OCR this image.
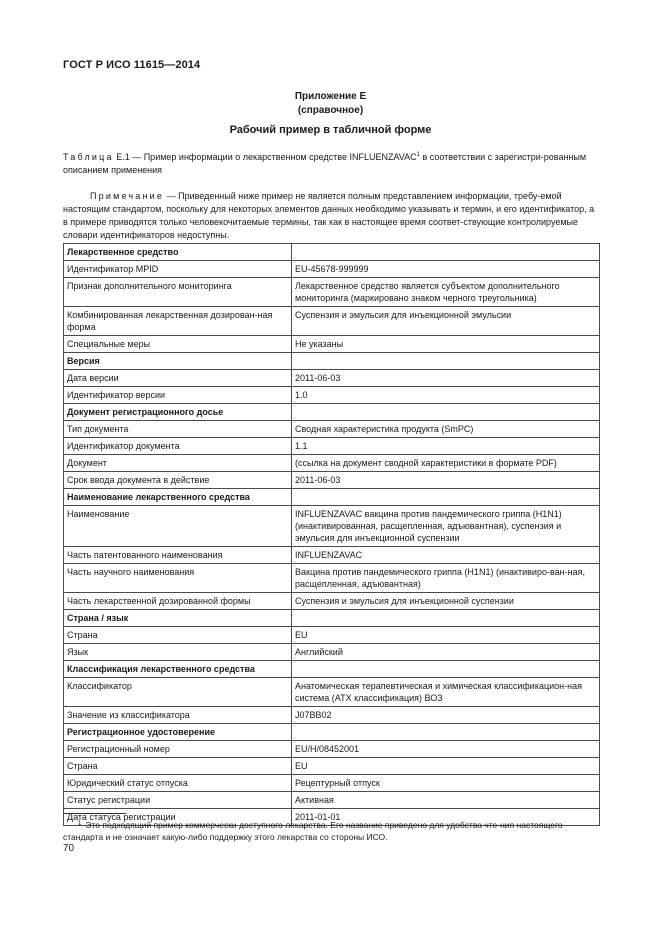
ГОСТ Р ИСО 11615—2014
Приложение Е
(справочное)
Рабочий пример в табличной форме
Таблица Е.1 — Пример информации о лекарственном средстве INFLUENZAVAC$^1$ в соответствии с зарегистри-рованным описанием применения
Примечание — Приведенный ниже пример не является полным представлением информации, требу-емой настоящим стандартом, поскольку для некоторых элементов данных необходимо указывать и термин, и его идентификатор, а в примере приводятся только человекочитаемые термины, так как в настоящее время соответ-ствующие контролируемые словари идентификаторов недоступны.
Лекарственное средство	
Идентификатор MPID	EU-45678-999999
Признак дополнительного мониторинга	Лекарственное средство является субъектом дополнительного мониторинга (маркировано знаком черного треугольника)
Комбинированная лекарственная дозирован-ная форма	Суспензия и эмульсия для инъекционной эмульсии
Специальные меры	Не указаны
Версия	
Дата версии	2011-06-03
Идентификатор версии	1.0
Документ регистрационного досье	
Тип документа	Сводная характеристика продукта (SmPC)
Идентификатор документа	1.1
Документ	(ссылка на документ сводной характеристики в формате PDF)
Срок ввода документа в действие	2011-06-03
Наименование лекарственного средства	
Наименование	INFLUENZAVAC вакцина против пандемического гриппа (H1N1) (инактивированная, расщепленная, адъювантная), суспензия и эмульсия для инъекционной суспензии
Часть патентованного наименования	INFLUENZAVAC
Часть научного наименования	Вакцина против пандемического гриппа (H1N1) (инактивиро-ван-ная, расщепленная, адъювантная)
Часть лекарственной дозированной формы	Суспензия и эмульсия для инъекционной суспензии
Страна / язык	
Страна	EU
Язык	Английский
Классификация лекарственного средства	
Классификатор	Анатомическая терапевтическая и химическая классификацион-ная система (ATX классификация) ВОЗ
Значение из классификатора	J07BB02
Регистрационное удостоверение	
Регистрационный номер	EU/H/08452001
Страна	EU
Юридический статус отпуска	Рецептурный отпуск
Статус регистрации	Активная
Дата статуса регистрации	2011-01-01
$^1$ Это подходящий пример коммерчески доступного лекарства. Его название приведено для удобства чте-ния настоящего стандарта и не означает какую-либо поддержку этого лекарства со стороны ИСО.
70
